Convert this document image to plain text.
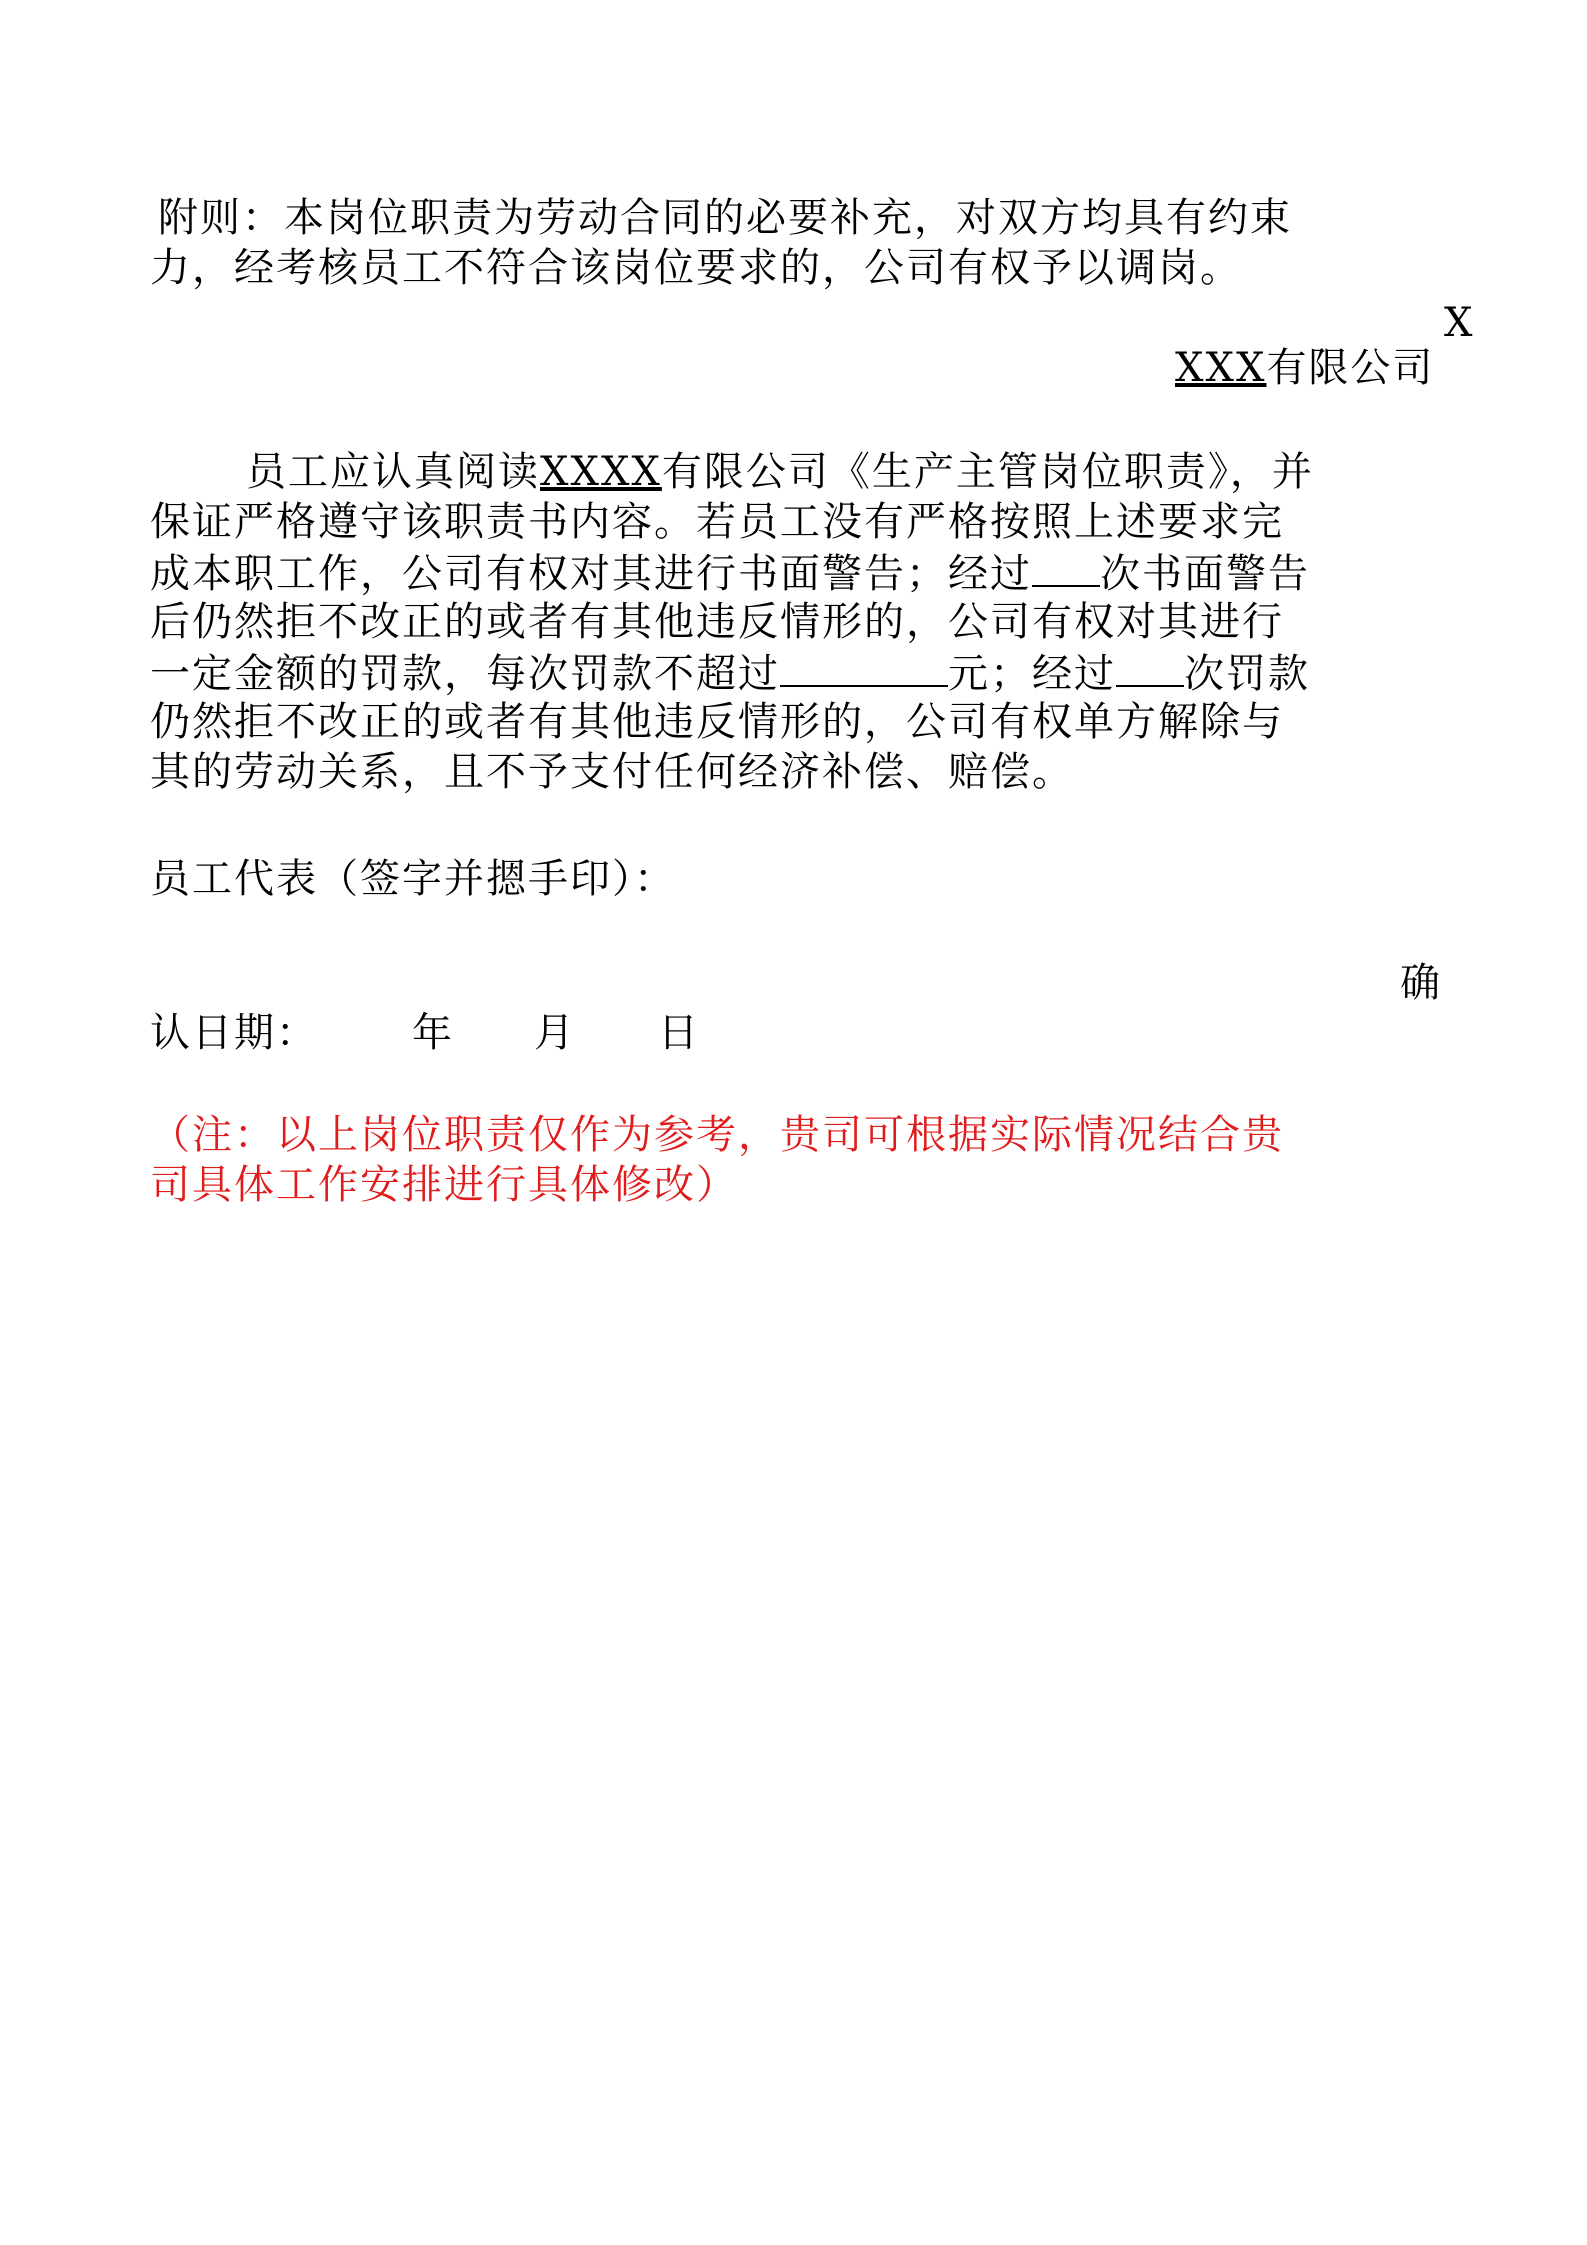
附则：本岗位职责为劳动合同的必要补充，对双方均具有约束
力，经考核员工不符合该岗位要求的，公司有权予以调岗。
X
XXX有限公司
员工应认真阅读XXXX有限公司《生产主管岗位职责》，并
保证严格遵守该职责书内容。若员工没有严格按照上述要求完
成本职工作，公司有权对其进行书面警告；经过 次书面警告
后仍然拒不改正的或者有其他违反情形的，公司有权对其进行
一定金额的罚款，每次罚款不超过	元；经过 次罚款
仍然拒不改正的或者有其他违反情形的，公司有权单方解除与
其的劳动关系，且不予支付任何经济补偿、赔偿。
员工代表（签字并摁手印）：
确
认日期： 年 月 日
（注：以上岗位职责仅作为参考，贵司可根据实际情况结合贵
司具体工作安排进行具体修改）
